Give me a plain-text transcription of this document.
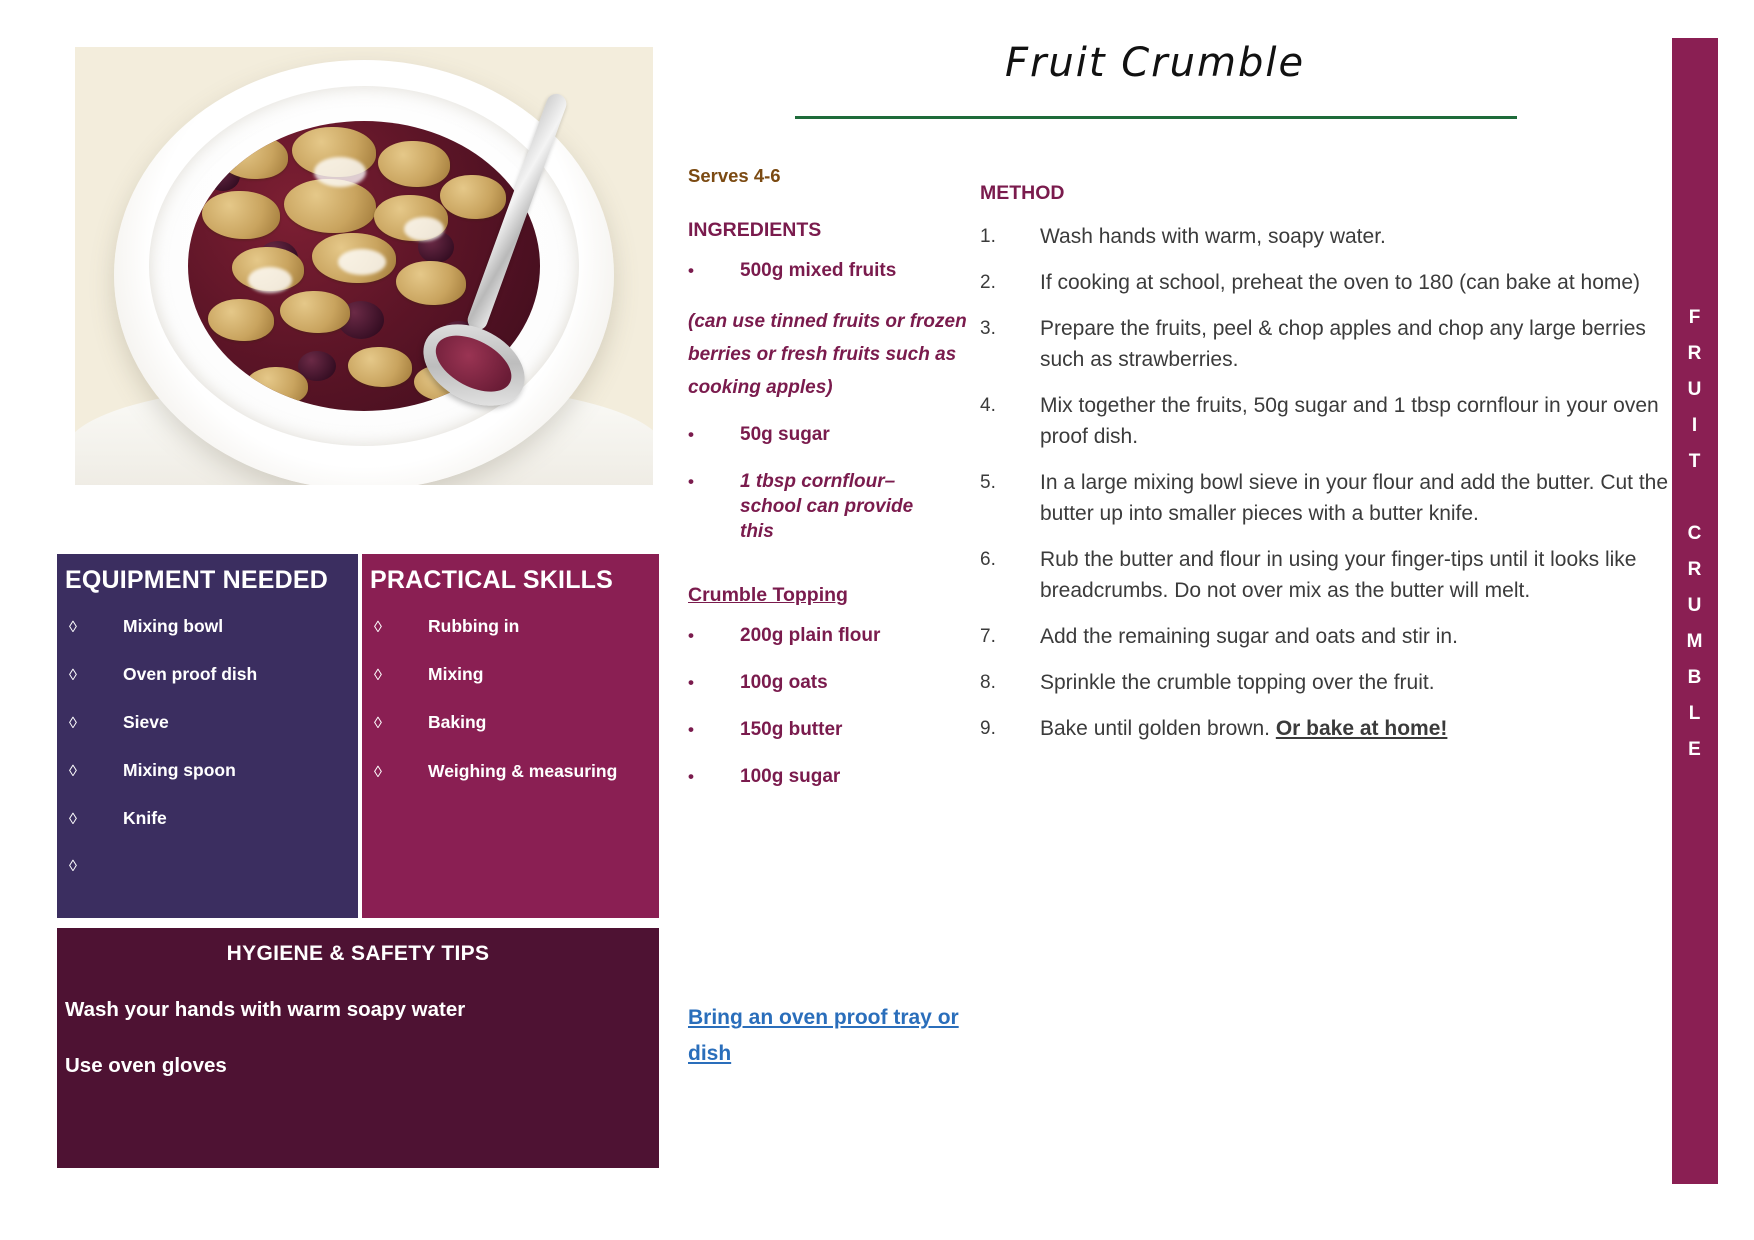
EQUIPMENT NEEDED
◊	Mixing bowl
◊	Oven proof dish
◊	Sieve
◊	Mixing spoon
◊	Knife
◊
PRACTICAL SKILLS
◊	Rubbing in
◊	Mixing
◊	Baking
◊	Weighing & measuring
HYGIENE & SAFETY TIPS
Wash your hands with warm soapy water
Use oven gloves
Fruit Crumble
Serves 4-6
INGREDIENTS
•	500g mixed fruits
(can use tinned fruits or frozen berries or fresh fruits such as cooking apples)
•	50g sugar
•	1 tbsp cornflour– school can provide this
Crumble Topping
•	200g plain flour
•	100g oats
•	150g butter
•	100g sugar
Bring an oven proof tray or dish
METHOD
1.	Wash hands with warm, soapy water.
2.	If cooking at school, preheat the oven to 180 (can bake at home)
3.	Prepare the fruits, peel & chop apples and chop any large berries such as strawberries.
4.	Mix together the fruits, 50g sugar and 1 tbsp cornflour in your oven proof dish.
5.	In a large mixing bowl sieve in your flour and add the butter. Cut the butter up into smaller pieces with a butter knife.
6.	Rub the butter and flour in using your finger-tips until it looks like breadcrumbs. Do not over mix as the butter will melt.
7.	Add the remaining sugar and oats and stir in.
8.	Sprinkle the crumble topping over the fruit.
9.	Bake until golden brown. Or bake at home!
F
R
U
I
T

C
R
U
M
B
L
E
